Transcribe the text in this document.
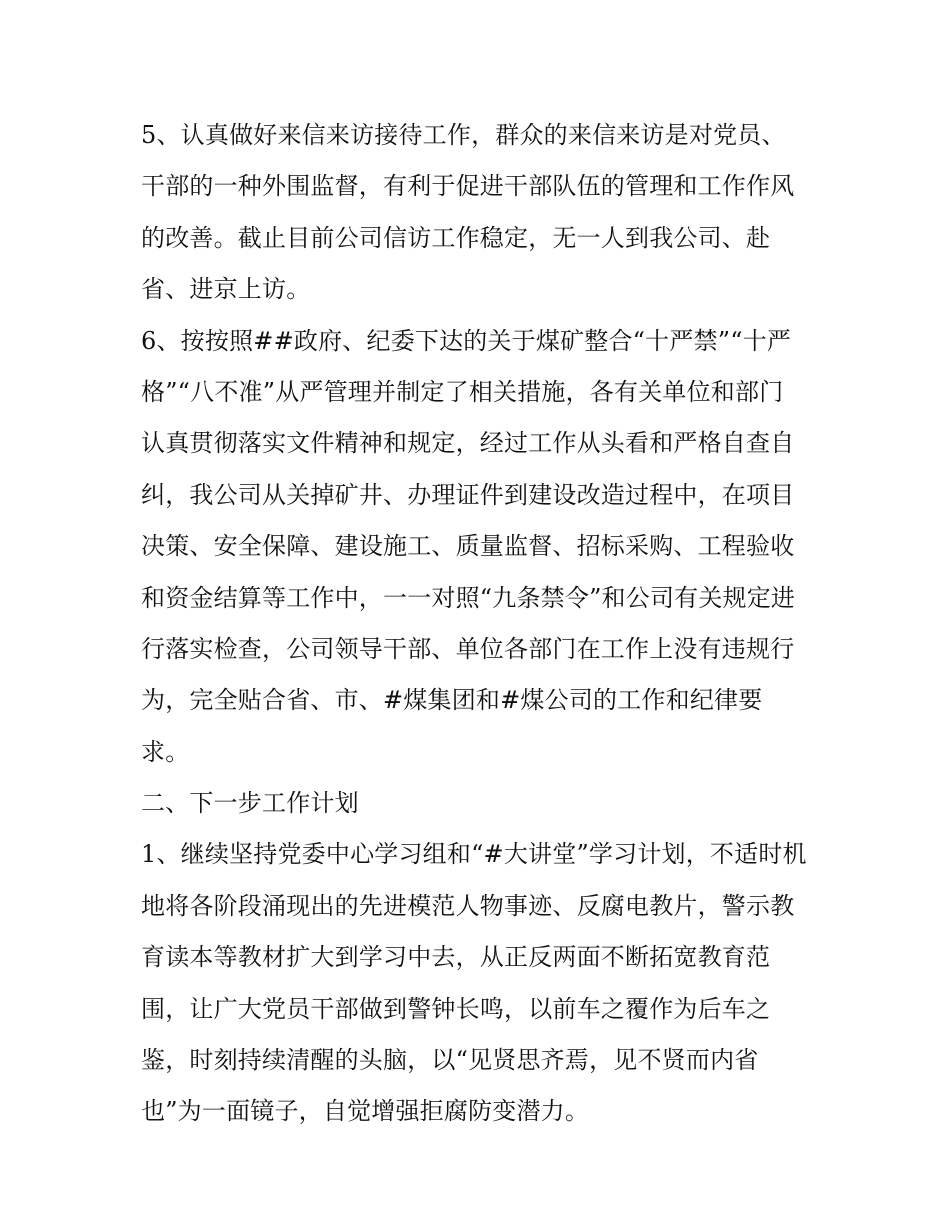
5、认真做好来信来访接待工作，群众的来信来访是对党员、
干部的一种外围监督，有利于促进干部队伍的管理和工作作风
的改善。截止目前公司信访工作稳定，无一人到我公司、赴
省、进京上访。
6、按按照##政府、纪委下达的关于煤矿整合“十严禁”“十严
格”“八不准”从严管理并制定了相关措施，各有关单位和部门
认真贯彻落实文件精神和规定，经过工作从头看和严格自查自
纠，我公司从关掉矿井、办理证件到建设改造过程中，在项目
决策、安全保障、建设施工、质量监督、招标采购、工程验收
和资金结算等工作中，一一对照“九条禁令”和公司有关规定进
行落实检查，公司领导干部、单位各部门在工作上没有违规行
为，完全贴合省、市、#煤集团和#煤公司的工作和纪律要
求。
二、下一步工作计划
1、继续坚持党委中心学习组和“#大讲堂”学习计划，不适时机
地将各阶段涌现出的先进模范人物事迹、反腐电教片，警示教
育读本等教材扩大到学习中去，从正反两面不断拓宽教育范
围，让广大党员干部做到警钟长鸣，以前车之覆作为后车之
鉴，时刻持续清醒的头脑，以“见贤思齐焉，见不贤而内省
也”为一面镜子，自觉增强拒腐防变潜力。
